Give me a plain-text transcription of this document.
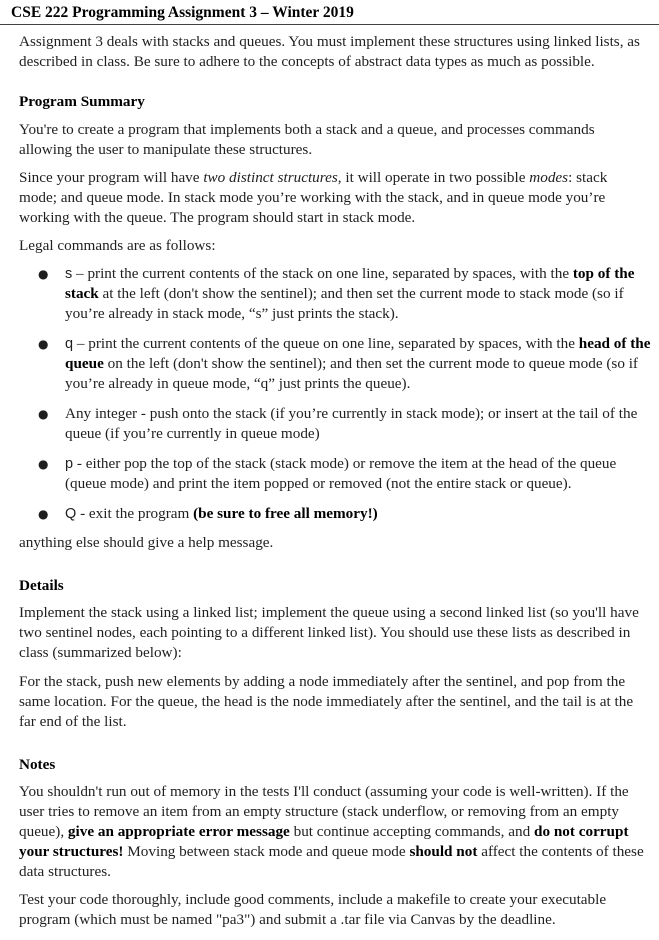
CSE 222 Programming Assignment 3 – Winter 2019
Assignment 3 deals with stacks and queues. You must implement these structures using linked lists, as described in class. Be sure to adhere to the concepts of abstract data types as much as possible.
Program Summary
You're to create a program that implements both a stack and a queue, and processes commands allowing the user to manipulate these structures.
Since your program will have two distinct structures, it will operate in two possible modes: stack mode; and queue mode. In stack mode you’re working with the stack, and in queue mode you’re working with the queue. The program should start in stack mode.
Legal commands are as follows:
● s – print the current contents of the stack on one line, separated by spaces, with the top of the stack at the left (don't show the sentinel); and then set the current mode to stack mode (so if you’re already in stack mode, “s” just prints the stack).
● q – print the current contents of the queue on one line, separated by spaces, with the head of the queue on the left (don't show the sentinel); and then set the current mode to queue mode (so if you’re already in queue mode, “q” just prints the queue).
● Any integer - push onto the stack (if you’re currently in stack mode); or insert at the tail of the queue (if you’re currently in queue mode)
● p - either pop the top of the stack (stack mode) or remove the item at the head of the queue (queue mode) and print the item popped or removed (not the entire stack or queue).
● Q - exit the program (be sure to free all memory!)
anything else should give a help message.
Details
Implement the stack using a linked list; implement the queue using a second linked list (so you'll have two sentinel nodes, each pointing to a different linked list). You should use these lists as described in class (summarized below):
For the stack, push new elements by adding a node immediately after the sentinel, and pop from the same location. For the queue, the head is the node immediately after the sentinel, and the tail is at the far end of the list.
Notes
You shouldn't run out of memory in the tests I'll conduct (assuming your code is well-written). If the user tries to remove an item from an empty structure (stack underflow, or removing from an empty queue), give an appropriate error message but continue accepting commands, and do not corrupt your structures! Moving between stack mode and queue mode should not affect the contents of these data structures.
Test your code thoroughly, include good comments, include a makefile to create your executable program (which must be named "pa3") and submit a .tar file via Canvas by the deadline.
